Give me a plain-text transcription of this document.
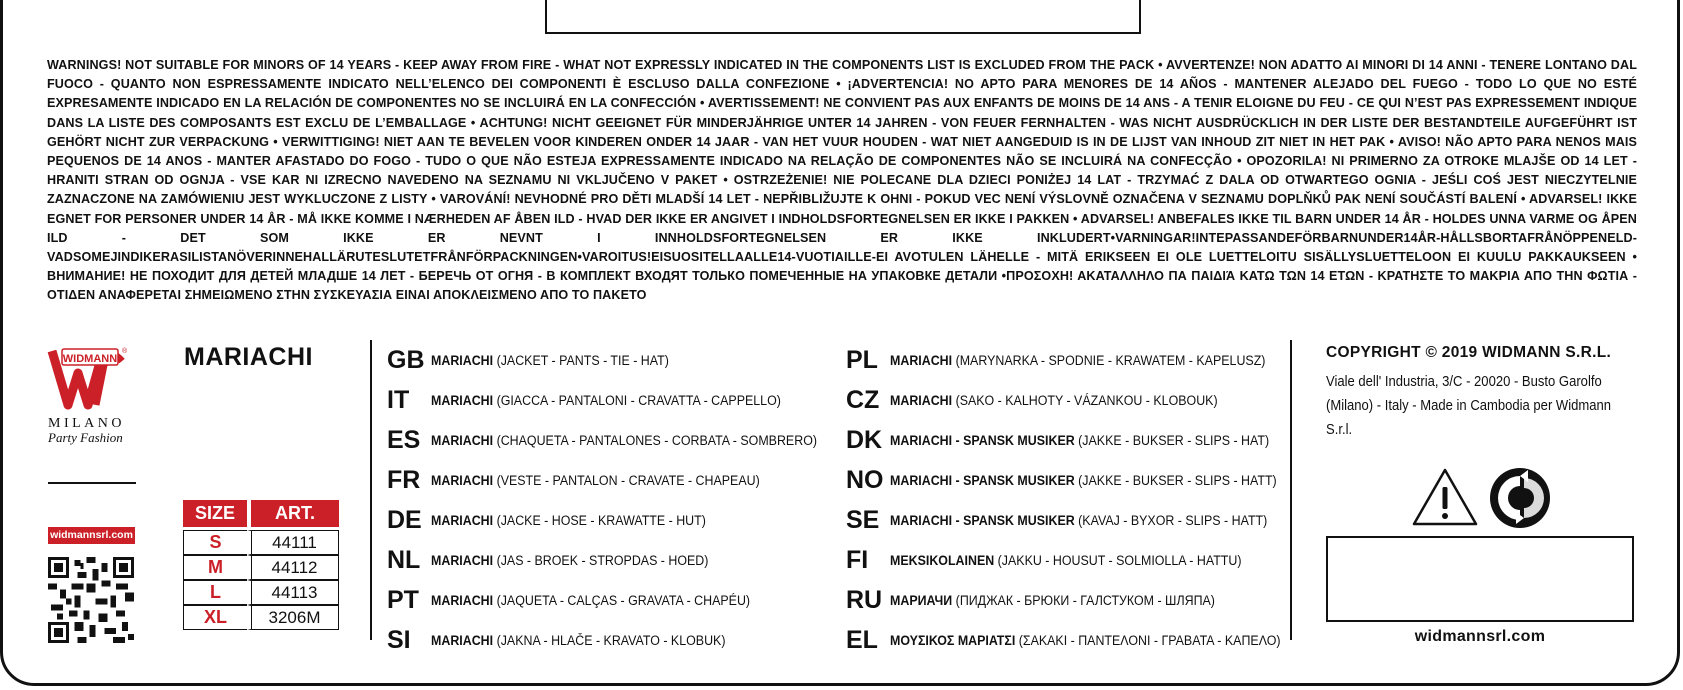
WARNINGS! NOT SUITABLE FOR MINORS OF 14 YEARS - KEEP AWAY FROM FIRE - WHAT NOT EXPRESSLY INDICATED IN THE COMPONENTS LIST IS EXCLUDED FROM THE PACK • AVVERTENZE! NON ADATTO AI MINORI DI 14 ANNI - TENERE LONTANO DAL FUOCO - QUANTO NON ESPRESSAMENTE INDICATO NELL’ELENCO DEI COMPONENTI È ESCLUSO DALLA CONFEZIONE • ¡ADVERTENCIA! NO APTO PARA MENORES DE 14 AÑOS - MANTENER ALEJADO DEL FUEGO - TODO LO QUE NO ESTÉ EXPRESAMENTE INDICADO EN LA RELACIÓN DE COMPONENTES NO SE INCLUIRÁ EN LA CONFECCIÓN • AVERTISSEMENT! NE CONVIENT PAS AUX ENFANTS DE MOINS DE 14 ANS - A TENIR ELOIGNE DU FEU - CE QUI N’EST PAS EXPRESSEMENT INDIQUE DANS LA LISTE DES COMPOSANTS EST EXCLU DE L’EMBALLAGE • ACHTUNG! NICHT GEEIGNET FÜR MINDERJÄHRIGE UNTER 14 JAHREN - VON FEUER FERNHALTEN - WAS NICHT AUSDRÜCKLICH IN DER LISTE DER BESTANDTEILE AUFGEFÜHRT IST GEHÖRT NICHT ZUR VERPACKUNG • VERWITTIGING! NIET AAN TE BEVELEN VOOR KINDEREN ONDER 14 JAAR - VAN HET VUUR HOUDEN - WAT NIET AANGEDUID IS IN DE LIJST VAN INHOUD ZIT NIET IN HET PAK • AVISO! NÃO APTO PARA NENOS MAIS PEQUENOS DE 14 ANOS - MANTER AFASTADO DO FOGO - TUDO O QUE NÃO ESTEJA EXPRESSAMENTE INDICADO NA RELAÇÃO DE COMPONENTES NÃO SE INCLUIRÁ NA CONFECÇÃO • OPOZORILA! NI PRIMERNO ZA OTROKE MLAJŠE OD 14 LET - HRANITI STRAN OD OGNJA - VSE KAR NI IZRECNO NAVEDENO NA SEZNAMU NI VKLJUČENO V PAKET • OSTRZEŻENIE! NIE POLECANE DLA DZIECI PONIŻEJ 14 LAT - TRZYMAĆ Z DALA OD OTWARTEGO OGNIA - JEŚLI COŚ JEST NIECZYTELNIE ZAZNACZONE NA ZAMÓWIENIU JEST WYKLUCZONE Z LISTY • VAROVÁNÍ! NEVHODNÉ PRO DĚTI MLADŠÍ 14 LET - NEPŘIBLIŽUJTE K OHNI - POKUD VEC NENÍ VÝSLOVNĚ OZNAČENA V SEZNAMU DOPLŇKŮ PAK NENÍ SOUČÁSTÍ BALENÍ • ADVARSEL! IKKE EGNET FOR PERSONER UNDER 14 ÅR - MÅ IKKE KOMME I NÆRHEDEN AF ÅBEN ILD - HVAD DER IKKE ER ANGIVET I INDHOLDSFORTEGNELSEN ER IKKE I PAKKEN • ADVARSEL! ANBEFALES IKKE TIL BARN UNDER 14 ÅR - HOLDES UNNA VARME OG ÅPEN ILD - DET SOM IKKE ER NEVNT I INNHOLDSFORTEGNELSEN ER IKKE INKLUDERT•VARNINGAR!INTEPASSANDEFÖRBARNUNDER14ÅR-HÅLLSBORTAFRÅNÖPPENELD-VADSOMEJINDIKERASILISTANÖVERINNEHALLÄRUTESLUTETFRÅNFÖRPACKNINGEN•VAROITUS!EISUOSITELLAALLE14-VUOTIAILLE-EI AVOTULEN LÄHELLE - MITÄ ERIKSEEN EI OLE LUETTELOITU SISÄLLYSLUETTELOON EI KUULU PAKKAUKSEEN • ВНИМАНИЕ! НЕ ПОХОДИТ ДЛЯ ДЕТЕЙ МЛАДШЕ 14 ЛЕТ - БЕРЕЧЬ ОТ ОГНЯ - В КОМПЛЕКТ ВХОДЯТ ТОЛЬКО ПОМЕЧЕННЫЕ НА УПАКОВКЕ ДЕТАЛИ •ΠΡΟΣΟΧΗ! ΑΚΑΤΑΛΛΗΛΟ ΠΑ ΠΑΙΔΙΆ ΚΑΤΩ ΤΩΝ 14 ΕΤΩΝ - ΚΡΑΤΗΣΤΕ ΤΟ ΜΑΚΡΙΑ ΑΠΟ ΤΗΝ ΦΩΤΙΑ - ΟΤΙΔΕΝ ΑΝΑΦΕΡΕΤΑΙ ΣΗΜΕΙΩΜΕΝΟ ΣΤΗΝ ΣΥΣΚΕΥΑΣΙΑ ΕΙΝΑΙ ΑΠΟΚΛΕΙΣΜΕΝΟ ΑΠΟ ΤΟ ΠΑΚΕΤΟ
WIDMANN
®
MILANO
Party Fashion
widmannsrl.com
MARIACHI
SIZE	ART.

S	44111
M	44112
L	44113
XL	3206M
GB MARIACHI (JACKET - PANTS - TIE - HAT)
IT	MARIACHI (GIACCA - PANTALONI - CRAVATTA - CAPPELLO)
ES MARIACHI (CHAQUETA - PANTALONES - CORBATA - SOMBRERO)
FR MARIACHI (VESTE - PANTALON - CRAVATE - CHAPEAU)
DE MARIACHI (JACKE - HOSE - KRAWATTE - HUT)
NL MARIACHI (JAS - BROEK - STROPDAS - HOED)
PT MARIACHI (JAQUETA - CALÇAS - GRAVATA - CHAPÉU)
SI	MARIACHI (JAKNA - HLAČE - KRAVATO - KLOBUK)
PL MARIACHI (MARYNARKA - SPODNIE - KRAWATEM - KAPELUSZ)
CZ MARIACHI (SAKO - KALHOTY - VÁZANKOU - KLOBOUK)
DK MARIACHI - SPANSK MUSIKER (JAKKE - BUKSER - SLIPS - HAT)
NO MARIACHI - SPANSK MUSIKER (JAKKE - BUKSER - SLIPS - HATT)
SE MARIACHI - SPANSK MUSIKER (KAVAJ - BYXOR - SLIPS - HATT)
FI	MEKSIKOLAINEN (JAKKU - HOUSUT - SOLMIOLLA - HATTU)
RU МАРИАЧИ (ПИДЖАК - БРЮКИ - ГАЛСТУКОМ - ШЛЯПА)
EL ΜΟΥΣΙΚΟΣ ΜΑΡΙΑΤΣΙ (ΣΑΚΑΚΙ - ΠΑΝΤΕΛΟΝΙ - ΓΡΑΒΑΤΑ - ΚΑΠΕΛΟ)
COPYRIGHT © 2019 WIDMANN S.R.L.
Viale dell' Industria, 3/C - 20020 - Busto Garolfo
(Milano) - Italy - Made in Cambodia per Widmann S.r.l.
widmannsrl.com
